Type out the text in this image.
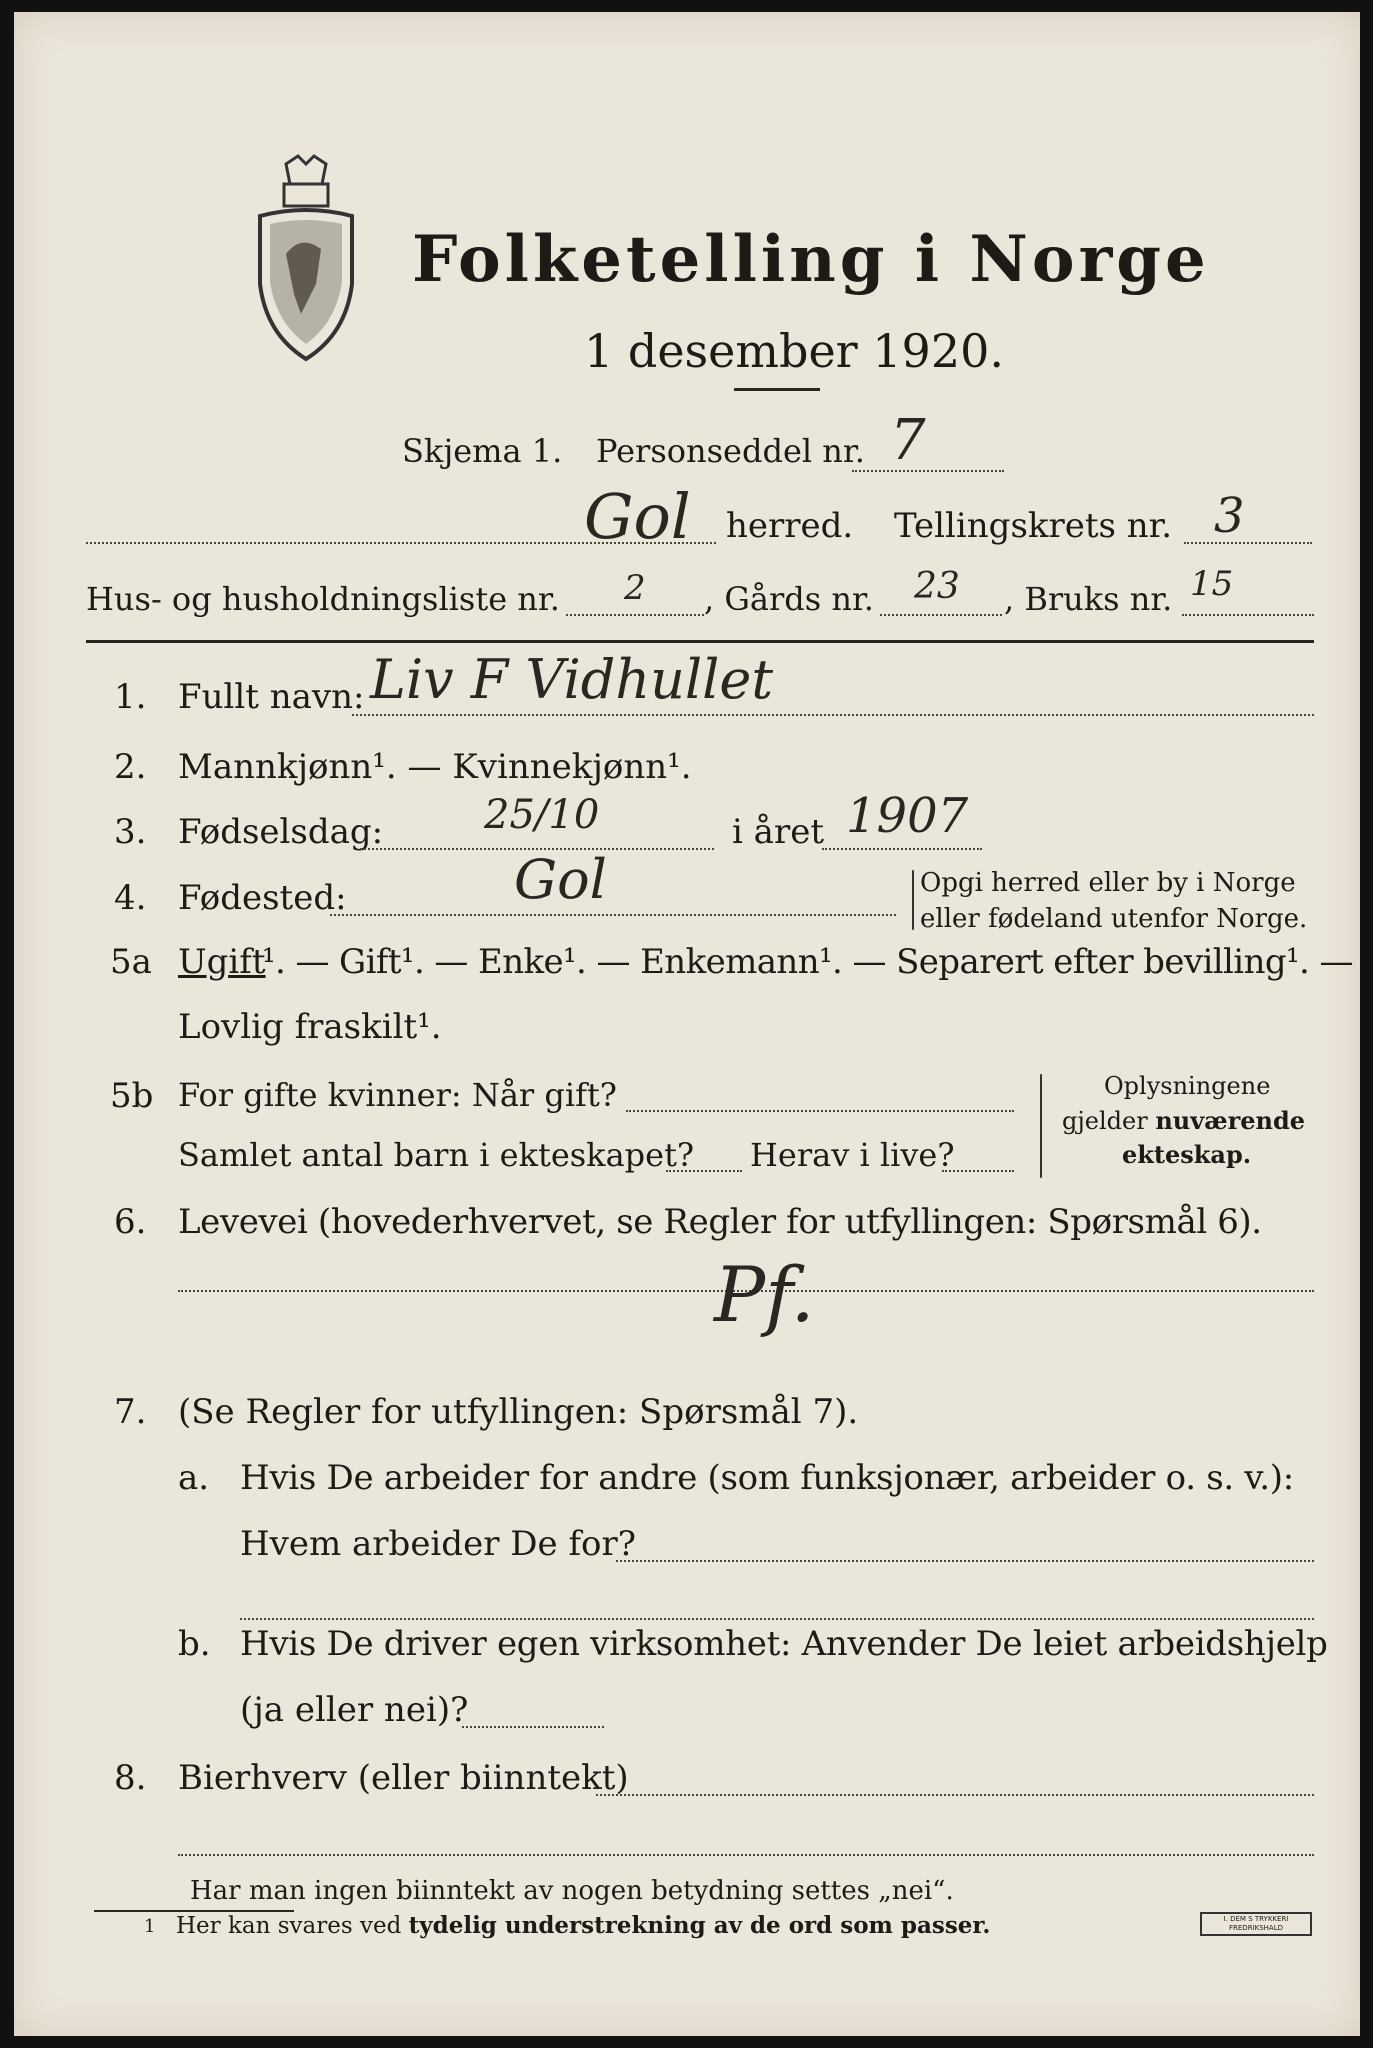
Folketelling i Norge
1 desember 1920.
Skjema 1. Personseddel nr. 7
Gol herred. Tellingskrets nr. 3
Hus- og husholdningsliste nr. 2 , Gårds nr. 23 , Bruks nr. 15
1. Fullt navn: Liv F Vidhullet
2. Mannkjønn¹. — Kvinnekjønn¹.
3. Fødselsdag:	25/10	i året 1907
4. Fødested:	Gol	Opgi herred eller by i Norge
eller fødeland utenfor Norge.
5a Ugift
¹. — Gift¹. — Enke¹. — Enkemann¹. — Separert efter bevilling¹. —
Lovlig fraskilt¹.
5b For gifte kvinner: Når gift?
Samlet antal barn i ekteskapet? Herav i live?
Oplysningene
gjelder nuværende
ekteskap.
6. Levevei (hovederhvervet, se Regler for utfyllingen: Spørsmål 6).
Pf.
7. (Se Regler for utfyllingen: Spørsmål 7).
a. Hvis De arbeider for andre (som funksjonær, arbeider o. s. v.):
Hvem arbeider De for?
b. Hvis De driver egen virksomhet: Anvender De leiet arbeidshjelp
(ja eller nei)?
8. Bierhverv (eller biinntekt)
Har man ingen biinntekt av nogen betydning settes „nei“.
1 Her kan svares ved tydelig understrekning av de ord som passer.	I. DEM S TRYKKERI
FREDRIKSHALD
